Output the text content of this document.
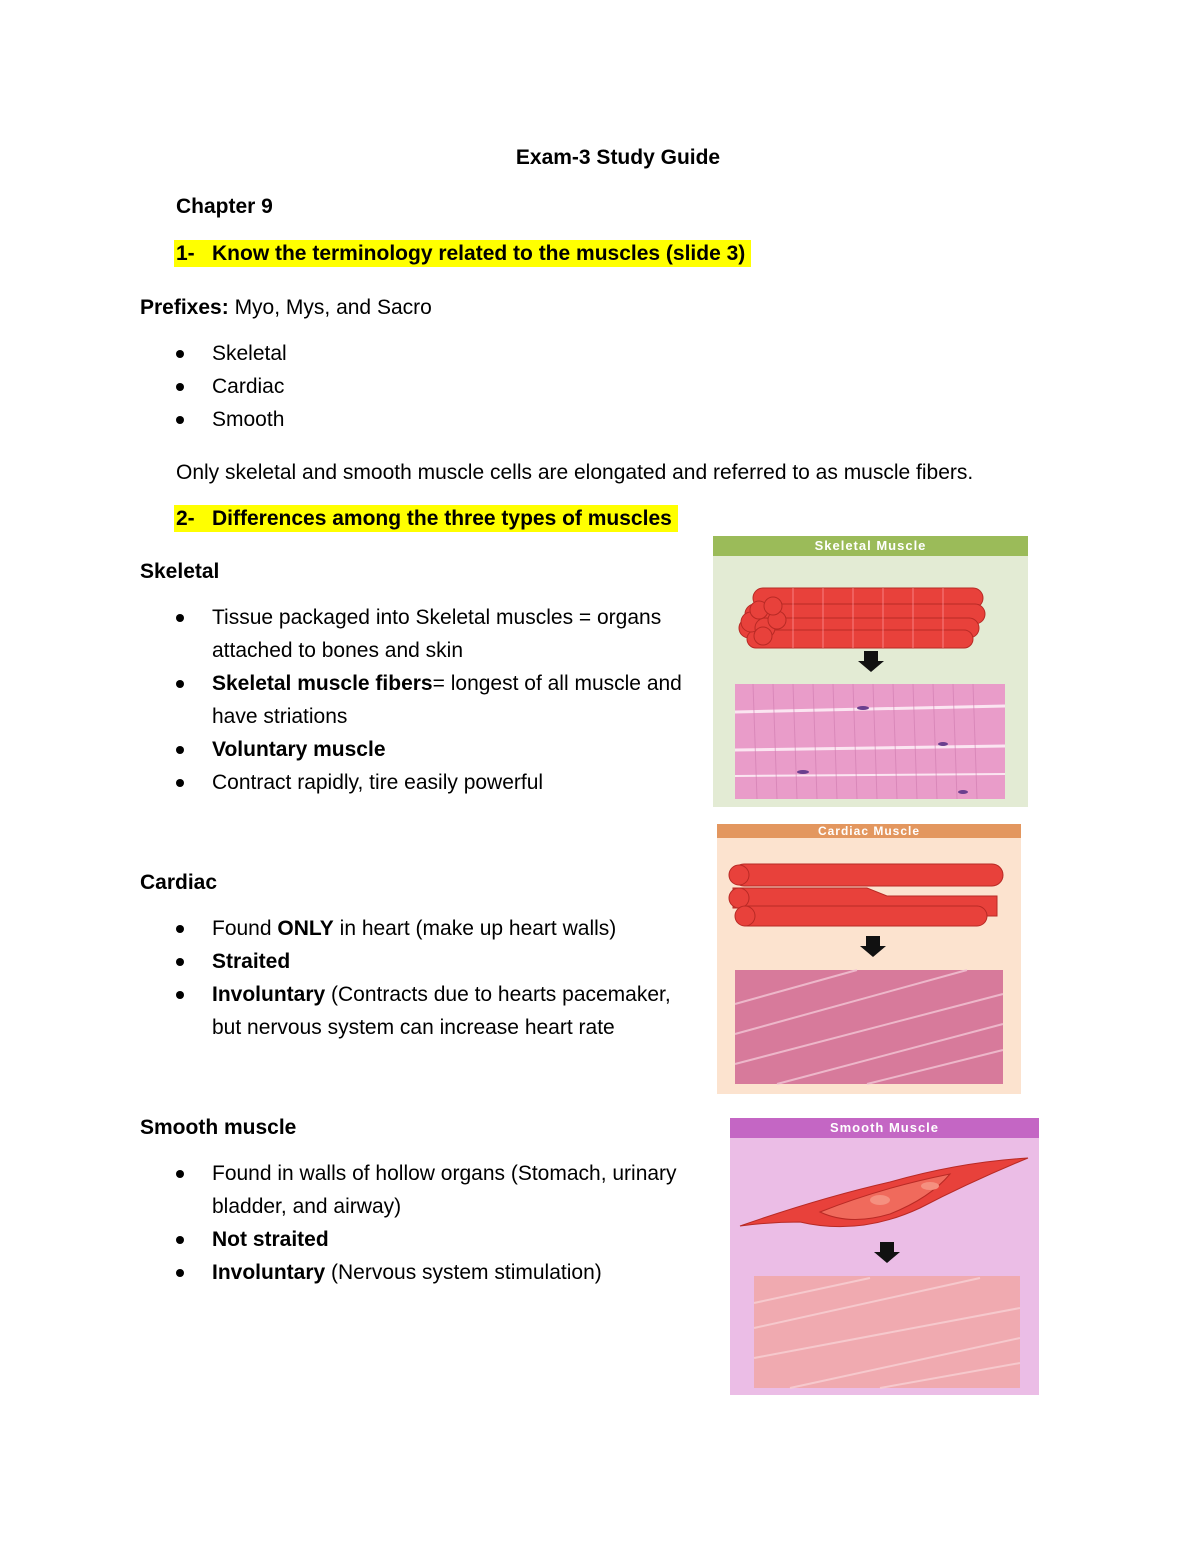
Exam-3 Study Guide
Chapter 9
1- Know the terminology related to the muscles (slide 3)
Prefixes: Myo, Mys, and Sacro
Skeletal
Cardiac
Smooth
Only skeletal and smooth muscle cells are elongated and referred to as muscle fibers.
2- Differences among the three types of muscles
Skeletal
Tissue packaged into Skeletal muscles = organs
attached to bones and skin
Skeletal muscle fibers= longest of all muscle and
have striations
Voluntary muscle
Contract rapidly, tire easily powerful
Cardiac
Found ONLY in heart (make up heart walls)
Straited
Involuntary (Contracts due to hearts pacemaker,
but nervous system can increase heart rate
Smooth muscle
Found in walls of hollow organs (Stomach, urinary
bladder, and airway)
Not straited
Involuntary (Nervous system stimulation)
Skeletal Muscle
Cardiac Muscle
Smooth Muscle
